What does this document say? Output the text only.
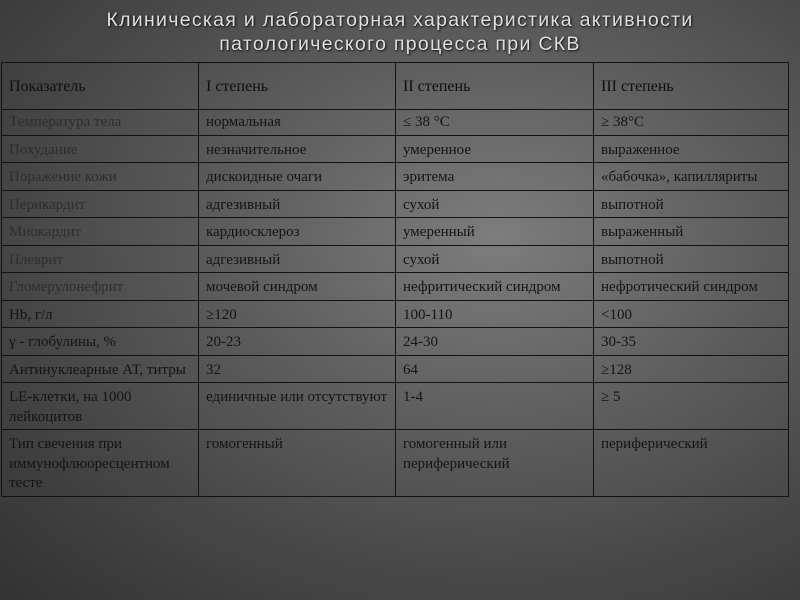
Клиническая и лабораторная характеристика активности
патологического процесса при СКВ
Показатель	I степень	II степень	III степень
Температура тела	нормальная	≤ 38 °C	≥ 38°C
Похудание	незначительное	умеренное	выраженное
Поражение кожи	дискоидные очаги	эритема	«бабочка», капилляриты
Перикардит	адгезивный	сухой	выпотной
Миокардит	кардиосклероз	умеренный	выраженный
Плеврит	адгезивный	сухой	выпотной
Гломерулонефрит	мочевой синдром	нефритический синдром	нефротический синдром
Hb, г/л	≥120	100-110	<100
γ - глобулины, %	20-23	24-30	30-35
Антинуклеарные АТ, титры	32	64	≥128
LE-клетки, на 1000 лейкоцитов	единичные или отсутствуют	1-4	≥ 5
Тип свечения при иммунофлюоресцентном тесте	гомогенный	гомогенный или периферический	периферический
